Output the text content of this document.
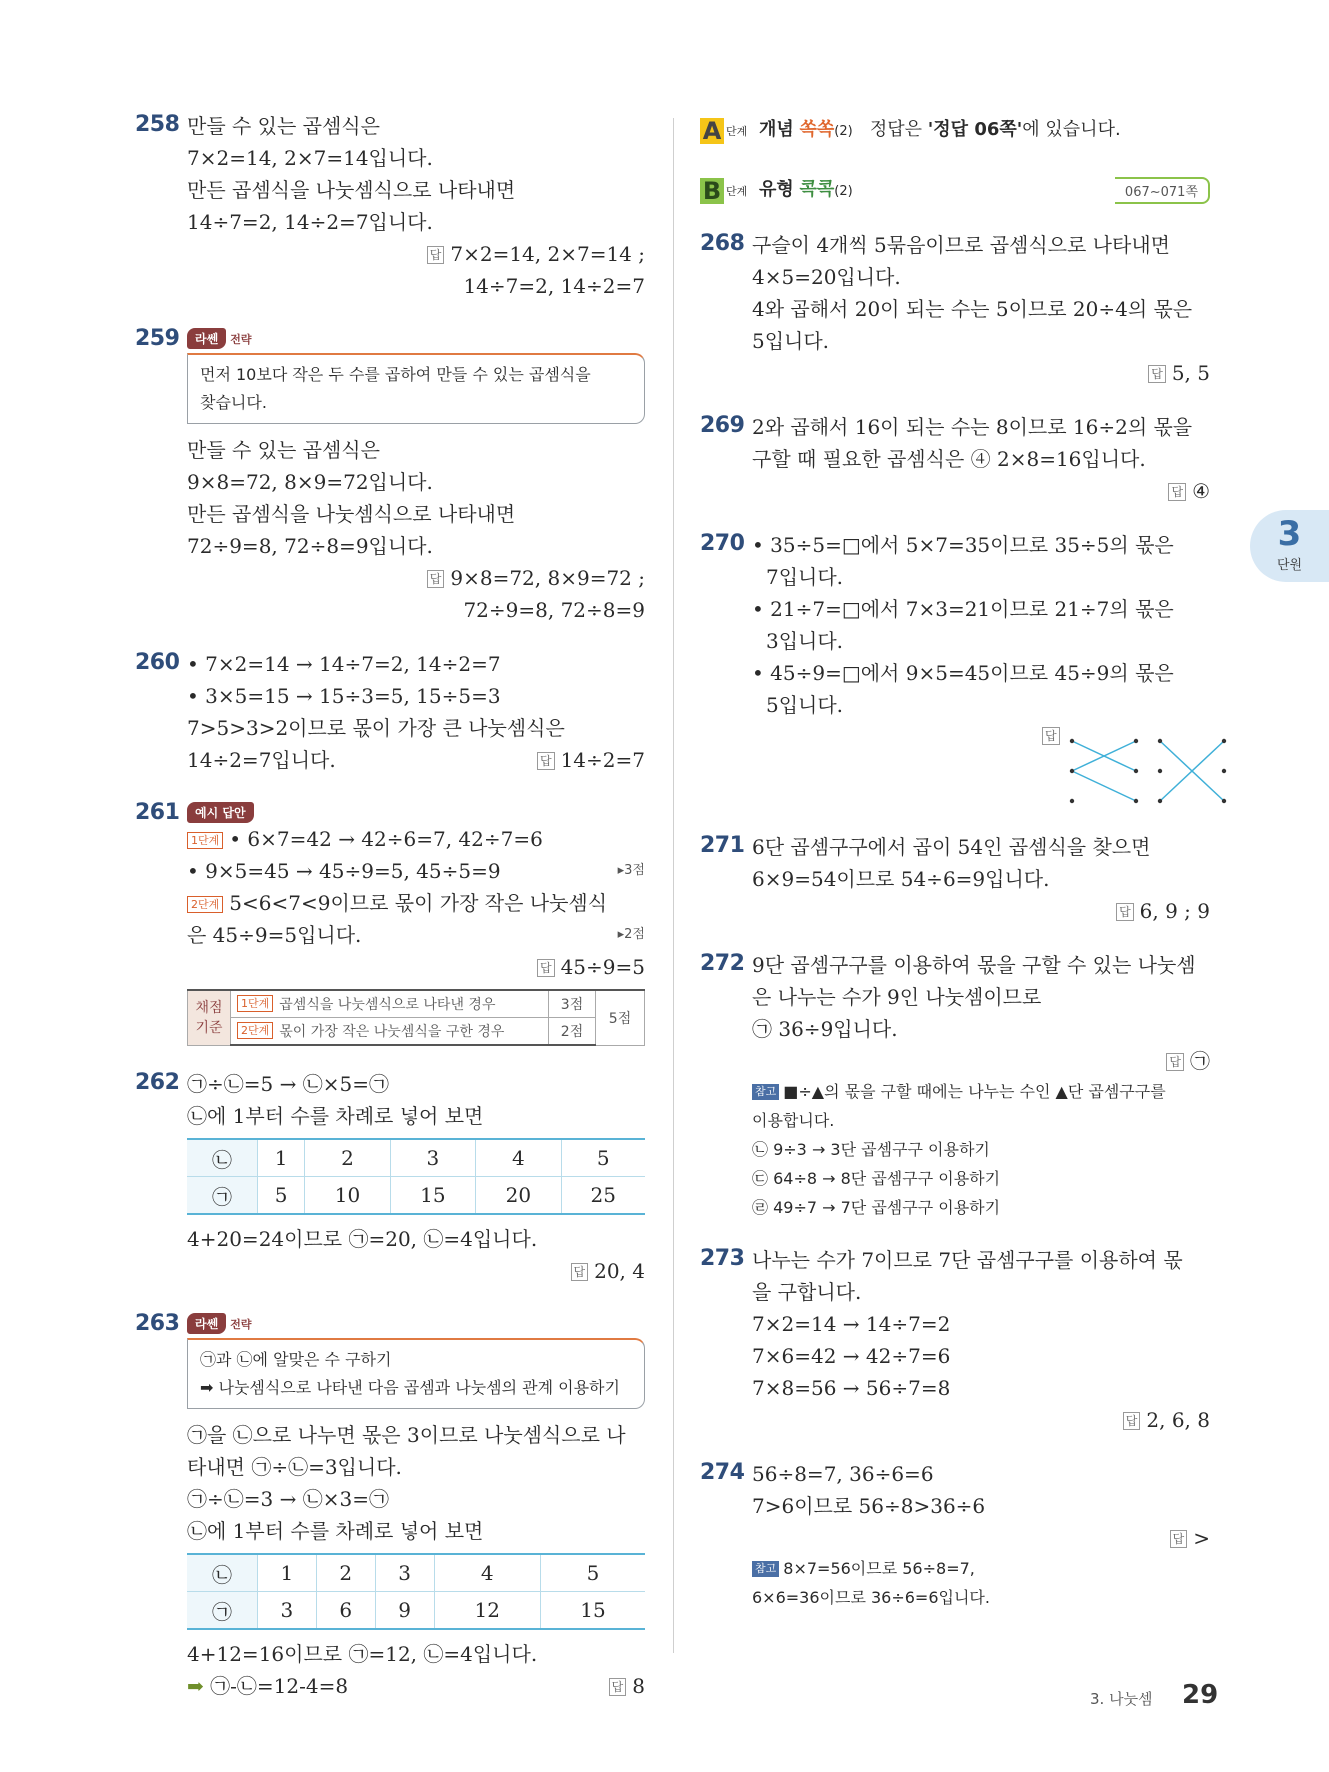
258 만들 수 있는 곱셈식은
7×2=14, 2×7=14입니다.
만든 곱셈식을 나눗셈식으로 나타내면
14÷7=2, 14÷2=7입니다.
답 7×2=14, 2×7=14 ;
14÷7=2, 14÷2=7
259	라쎈 전략
먼저 10보다 작은 두 수를 곱하여 만들 수 있는 곱셈식을
찾습니다.
만들 수 있는 곱셈식은
9×8=72, 8×9=72입니다.
만든 곱셈식을 나눗셈식으로 나타내면
72÷9=8, 72÷8=9입니다.
답 9×8=72, 8×9=72 ;
72÷9=8, 72÷8=9
260 • 7×2=14 → 14÷7=2, 14÷2=7
• 3×5=15 → 15÷3=5, 15÷5=3
7>5>3>2이므로 몫이 가장 큰 나눗셈식은
14÷2=7입니다.	답 14÷2=7
261	예시 답안
1단계 • 6×7=42 → 42÷6=7, 42÷7=6
• 9×5=45 → 45÷9=5, 45÷5=9	▸3점
2단계 5<6<7<9이므로 몫이 가장 작은 나눗셈식
은 45÷9=5입니다.	▸2점
답 45÷9=5
채점
기준	1단계 곱셈식을 나눗셈식으로 나타낸 경우	3점	5점
	2단계 몫이 가장 작은 나눗셈식을 구한 경우	2점	
262 ㉠÷㉡=5 → ㉡×5=㉠
㉡에 1부터 수를 차례로 넣어 보면
㉡	1	2	3	4	5
㉠	5	10	15	20	25
4+20=24이므로 ㉠=20, ㉡=4입니다.
답 20, 4
263	라쎈 전략
㉠과 ㉡에 알맞은 수 구하기
➡ 나눗셈식으로 나타낸 다음 곱셈과 나눗셈의 관계 이용하기
㉠을 ㉡으로 나누면 몫은 3이므로 나눗셈식으로 나
타내면 ㉠÷㉡=3입니다.
㉠÷㉡=3 → ㉡×3=㉠
㉡에 1부터 수를 차례로 넣어 보면
㉡	1	2	3	4	5
㉠	3	6	9	12	15
4+12=16이므로 ㉠=12, ㉡=4입니다.
➡ ㉠-㉡=12-4=8	답 8
A 단계 개념 쏙쏙(2) 정답은 '정답 06쪽'에 있습니다.
B 단계 유형 콕콕(2)	067~071쪽
268 구슬이 4개씩 5묶음이므로 곱셈식으로 나타내면
4×5=20입니다.
4와 곱해서 20이 되는 수는 5이므로 20÷4의 몫은
5입니다.
답 5, 5
269 2와 곱해서 16이 되는 수는 8이므로 16÷2의 몫을
구할 때 필요한 곱셈식은 ④ 2×8=16입니다.
답 ④
270 • 35÷5=□에서 5×7=35이므로 35÷5의 몫은
7입니다.
• 21÷7=□에서 7×3=21이므로 21÷7의 몫은
3입니다.
• 45÷9=□에서 9×5=45이므로 45÷9의 몫은
5입니다.
답
271 6단 곱셈구구에서 곱이 54인 곱셈식을 찾으면
6×9=54이므로 54÷6=9입니다.
답 6, 9 ; 9
272 9단 곱셈구구를 이용하여 몫을 구할 수 있는 나눗셈
은 나누는 수가 9인 나눗셈이므로
㉠ 36÷9입니다.
답 ㉠
참고 ■÷▲의 몫을 구할 때에는 나누는 수인 ▲단 곱셈구구를
이용합니다.
㉡ 9÷3 → 3단 곱셈구구 이용하기
㉢ 64÷8 → 8단 곱셈구구 이용하기
㉣ 49÷7 → 7단 곱셈구구 이용하기
273 나누는 수가 7이므로 7단 곱셈구구를 이용하여 몫
을 구합니다.
7×2=14 → 14÷7=2
7×6=42 → 42÷7=6
7×8=56 → 56÷7=8
답 2, 6, 8
274 56÷8=7, 36÷6=6
7>6이므로 56÷8>36÷6
답 >
참고 8×7=56이므로 56÷8=7,
6×6=36이므로 36÷6=6입니다.
3
단원
3. 나눗셈 29
